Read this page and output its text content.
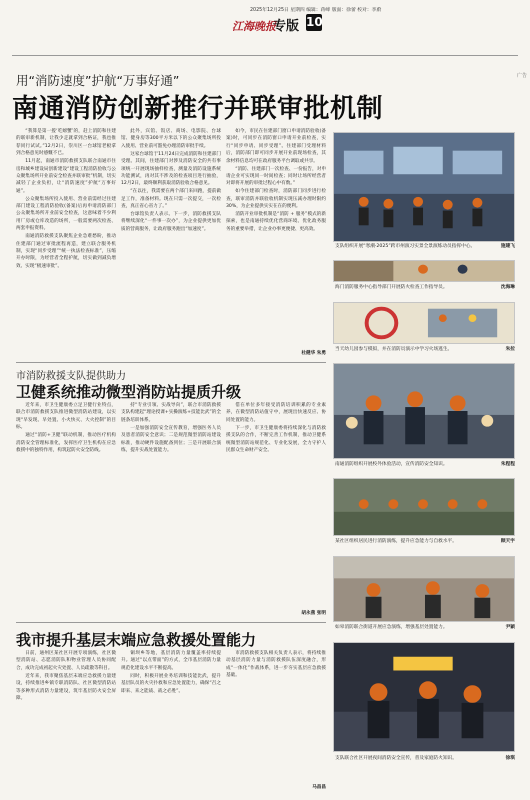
2025年12月25日 星期四 编辑：蒋峰 版面：徐蕾 校对：李蔚
江海晚报
专版 10
广告
用“消防速度”护航“万事好通”
南通消防创新推行并联审批机制

“我算是第一拨‘吃螃蟹’的，赶上消防和住建的联审新机制，让我少走就拿到合格证，我也推荐同行试试。”12月2日，崇川区一台球馆老板拿到合格意见时感慨不已。

11月起，南通市消防救援支队联合南通市住房和城乡建设局创新建设“建设工程消防验收与公众聚集场所开业前安全检查并联审批”机制，切实减轻了企业负担，让“消防速度”护航“万事好通”。

公众聚集场所投入使用、营业前需经过住建部门建设工程消防验收(备案)后再申请消防部门公众聚集场所开业前安全检查，这意味着不少利用厂房或仓库改造的场所，一般需要两次检查、两套申报资料。

南通消防救援支队聚焦企业急难愁盼，推动住建部门通过审批流程再造，建立联合服务机制，实现“同步受理”“统一执法检查标准”，压缩开办时限，为经营者全程护航，切实做到减负增效、实现“极速审批”。

此外，宾馆、饭店、商场、电影院、台球馆、健身房等300平方米以下的公众聚集场所投入使用、营业前可豁免办理消防审批手续。

这家台球馆于11月24日完成消防和住建部门受理。其间，住建部门对涉及消防安全的共有事项统一开展现场抽样检查，测量及消防设施系统功能测试，再对其不涉及的检查项目进行抽验，12月2日，最终顺利获取消防验收合格意见。

“在以往，我需要在两个部门来回跑，提前做足工作，准备材料。现在只需一次提交，一次检查，真正省心省力了。”

台球馆负责人表示。下一步，消防救援支队将继续深化“一件事一次办”，为企业提供更加优质的营商服务，让政府服务跑出“加速度”。

如今，市民在住建部门窗口申请消防验收(备案)时，可同步在消防窗口申请开业前检查，实行“同步申请、同步受理”。住建部门受理材料后，消防部门即可同步开展开业前现场检查，其余材料信息均可在政府服务平台调取或共享。

“消防、住建部门一次检查、一份报告，对申请企业可实现同一时间检查；同时让场所经营者对即将开展的审批过程心中有数。”

如今住建部门检查时，消防部门同步进行检查，联审消防并联验收机制实现压减办理时限约30%，为企业提供实实在在的便利。

消防开业审批机制是“消防 + 服务”模式的新探索，也是南通持续优化营商环境、优化政务服务的重要举措，让企业办事更便捷、更高效。

杜健华 朱勇
支队组织开展“寒潮·2025”跨市州演习实景全景演练动员指挥中心。	施建飞
海门消防服务中心指导部门开展防火检查工作指导员。	沈海琳
当天幼儿园参与模拟，并在消防员演示中学习火场逃生。	朱拉
南通消防组织开展校外体验活动，宣传消防安全知识。	朱程程
某社区组织居民进行消防演练，提升应急能力与自救水平。	顾天宇
如皋消防联合街道开展应急演练，增强基层处置能力。	尹颖
支队联合社区开展夜间消防安全宣传，普及家庭防火知识。	徐琪
市消防救援支队提供助力
卫健系统推动微型消防站提质升级

近年来，市卫生健康委立足卫健行业特点，联合市消防救援支队推进微型消防站建设，以实现“早发现、早处置、小火快灭、大火控制”的目标。

通过“消防+卫健”联动机制，推动医疗机构消防安全管理标准化，发挥医疗卫生机构在应急救援中的独特作用，构筑起防火安全防线。

持“专业引领、实战导向”，联合市消防救援支队构建起“理论授课+实操演练+技能比武”的全链条培训体系。

一是加强消防安全宣传教育，增强医务人员及患者消防安全意识；二是规范微型消防站建设标准，推动硬件设施配备到位；三是开展联合演练，提升实战处置能力。

借在单位多年接受消防培训积累的专业素养，在微型消防站值守中，展现出快速反应、协同处置的能力。

下一步，市卫生健康委将持续深化与消防救援支队的合作，不断完善工作机制，推动卫健系统微型消防站规范化、专业化发展，全力守护人民群众生命财产安全。

胡永燕 张明
我市提升基层末端应急救援处置能力

日前，通州区某社区开展专项演练，社区微型消防站、志愿消防队和物业管理人员协同配合，成功完成初起火灾处置、人员疏散等科目。

近年来，我市聚焦基层末端应急救援力量建设，持续推进乡镇专职消防队、社区微型消防站等多种形式消防力量建设，筑牢基层防火安全屏障。

铜坝乡等地，基层消防力量覆盖率持续提升。通过“以点带面”的方式，全市基层消防力量规范化建设水平不断提高。

同时，积极开展业务培训和技能比武，提升基层队员的火灾扑救和应急处置能力，确保“召之即来、来之能战、战之必胜”。

市消防救援支队相关负责人表示，将持续推动基层消防力量与消防救援队伍深度融合，形成“一体化”作战体系，进一步夯实基层应急救援基础。

马昌昌
